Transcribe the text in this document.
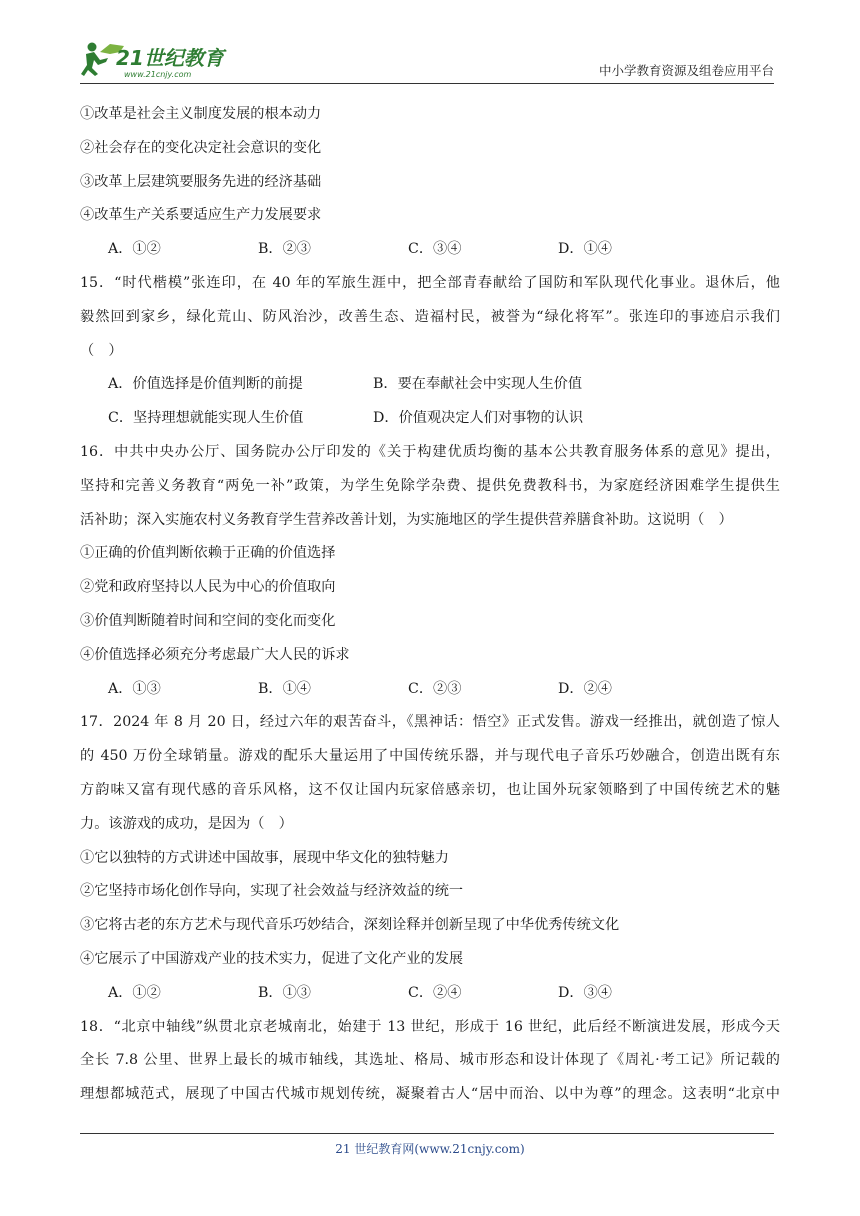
21世纪教育
www.21cnjy.com	中小学教育资源及组卷应用平台
①改革是社会主义制度发展的根本动力
②社会存在的变化决定社会意识的变化
③改革上层建筑要服务先进的经济基础
④改革生产关系要适应生产力发展要求
A．①②	B．②③	C．③④	D．①④
15．“时代楷模”张连印，在 40 年的军旅生涯中，把全部青春献给了国防和军队现代化事业。退休后，他
毅然回到家乡，绿化荒山、防风治沙，改善生态、造福村民，被誉为“绿化将军”。张连印的事迹启示我们
（　）
A．价值选择是价值判断的前提	B．要在奉献社会中实现人生价值
C．坚持理想就能实现人生价值	D．价值观决定人们对事物的认识
16．中共中央办公厅、国务院办公厅印发的《关于构建优质均衡的基本公共教育服务体系的意见》提出，
坚持和完善义务教育“两免一补”政策，为学生免除学杂费、提供免费教科书，为家庭经济困难学生提供生
活补助；深入实施农村义务教育学生营养改善计划，为实施地区的学生提供营养膳食补助。这说明（　）
①正确的价值判断依赖于正确的价值选择
②党和政府坚持以人民为中心的价值取向
③价值判断随着时间和空间的变化而变化
④价值选择必须充分考虑最广大人民的诉求
A．①③	B．①④	C．②③	D．②④
17．2024 年 8 月 20 日，经过六年的艰苦奋斗，《黑神话：悟空》正式发售。游戏一经推出，就创造了惊人
的 450 万份全球销量。游戏的配乐大量运用了中国传统乐器，并与现代电子音乐巧妙融合，创造出既有东
方韵味又富有现代感的音乐风格，这不仅让国内玩家倍感亲切，也让国外玩家领略到了中国传统艺术的魅
力。该游戏的成功，是因为（　）
①它以独特的方式讲述中国故事，展现中华文化的独特魅力
②它坚持市场化创作导向，实现了社会效益与经济效益的统一
③它将古老的东方艺术与现代音乐巧妙结合，深刻诠释并创新呈现了中华优秀传统文化
④它展示了中国游戏产业的技术实力，促进了文化产业的发展
A．①②	B．①③	C．②④	D．③④
18．“北京中轴线”纵贯北京老城南北，始建于 13 世纪，形成于 16 世纪，此后经不断演进发展，形成今天
全长 7.8 公里、世界上最长的城市轴线，其选址、格局、城市形态和设计体现了《周礼·考工记》所记载的
理想都城范式，展现了中国古代城市规划传统，凝聚着古人“居中而治、以中为尊”的理念。这表明“北京中
21 世纪教育网(www.21cnjy.com)
